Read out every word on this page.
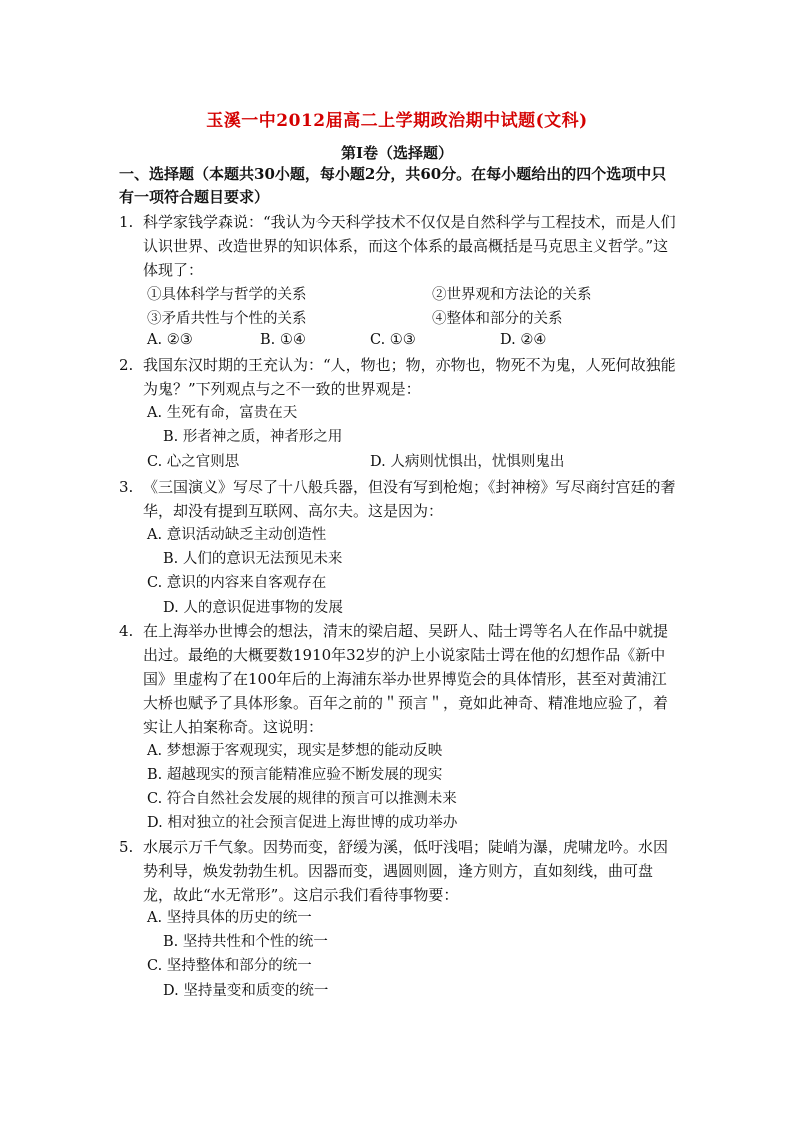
玉溪一中2012届高二上学期政治期中试题(文科)
第Ⅰ卷（选择题）
一、选择题（本题共30小题，每小题2分，共60分。在每小题给出的四个选项中只有一项符合题目要求）
1. 科学家钱学森说：“我认为今天科学技术不仅仅是自然科学与工程技术，而是人们认识世界、改造世界的知识体系，而这个体系的最高概括是马克思主义哲学。”这体现了：
①具体科学与哲学的关系	②世界观和方法论的关系
③矛盾共性与个性的关系	④整体和部分的关系
A. ②③	B. ①④	C. ①③	D. ②④
2. 我国东汉时期的王充认为：“人，物也；物，亦物也，物死不为鬼，人死何故独能为鬼？”下列观点与之不一致的世界观是：
A. 生死有命，富贵在天
B. 形者神之质，神者形之用
C. 心之官则思	D. 人病则忧惧出，忧惧则鬼出
3. 《三国演义》写尽了十八般兵器，但没有写到枪炮；《封神榜》写尽商纣宫廷的奢华，却没有提到互联网、高尔夫。这是因为：
A. 意识活动缺乏主动创造性
B. 人们的意识无法预见未来
C. 意识的内容来自客观存在
D. 人的意识促进事物的发展
4. 在上海举办世博会的想法，清末的梁启超、吴趼人、陆士谔等名人在作品中就提出过。最绝的大概要数1910年32岁的沪上小说家陆士谔在他的幻想作品《新中国》里虚构了在100年后的上海浦东举办世界博览会的具体情形，甚至对黄浦江大桥也赋予了具体形象。百年之前的＂预言＂，竟如此神奇、精准地应验了，着实让人拍案称奇。这说明：
A. 梦想源于客观现实，现实是梦想的能动反映
B. 超越现实的预言能精准应验不断发展的现实
C. 符合自然社会发展的规律的预言可以推测未来
D. 相对独立的社会预言促进上海世博的成功举办
5. 水展示万千气象。因势而变，舒缓为溪，低吁浅唱；陡峭为瀑，虎啸龙吟。水因势利导，焕发勃勃生机。因器而变，遇圆则圆，逢方则方，直如刻线，曲可盘龙，故此“水无常形”。这启示我们看待事物要：
A. 坚持具体的历史的统一
B. 坚持共性和个性的统一
C. 坚持整体和部分的统一
D. 坚持量变和质变的统一
